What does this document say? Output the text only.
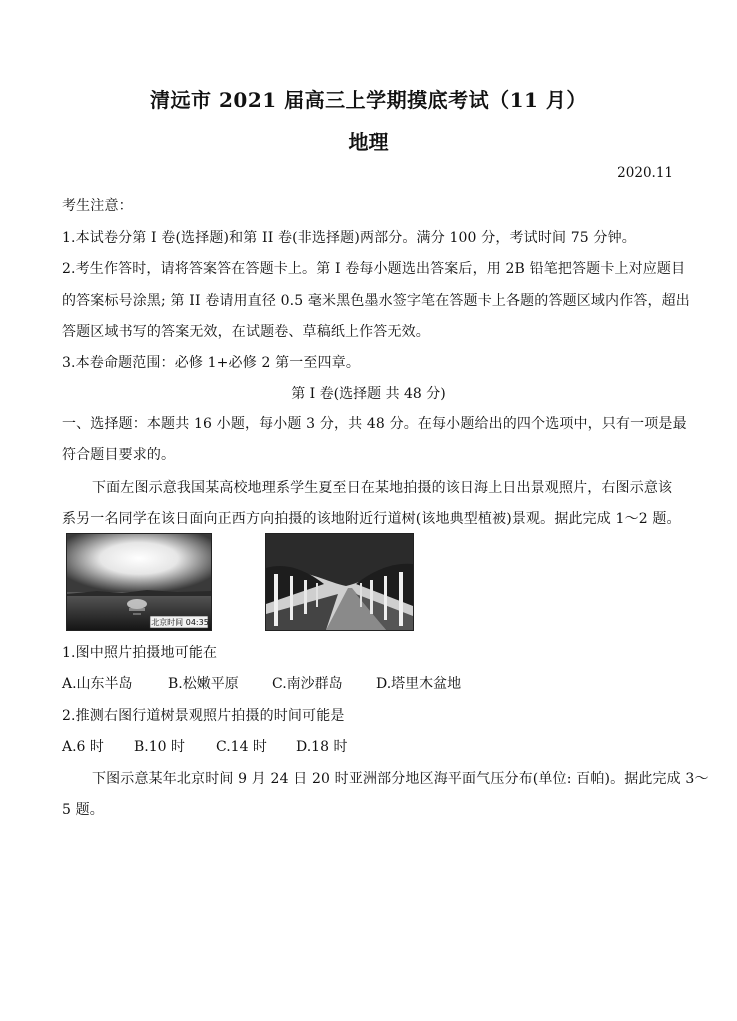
清远市 2021 届高三上学期摸底考试（11 月）
地理
2020.11
考生注意：
1.本试卷分第 I 卷(选择题)和第 II 卷(非选择题)两部分。满分 100 分，考试时间 75 分钟。
2.考生作答时，请将答案答在答题卡上。第 I 卷每小题选出答案后，用 2B 铅笔把答题卡上对应题目
的答案标号涂黑; 第 II 卷请用直径 0.5 毫米黑色墨水签字笔在答题卡上各题的答题区域内作答，超出
答题区域书写的答案无效，在试题卷、草稿纸上作答无效。
3.本卷命题范围：必修 1+必修 2 第一至四章。
第 I 卷(选择题 共 48 分)
一、选择题：本题共 16 小题，每小题 3 分，共 48 分。在每小题给出的四个选项中，只有一项是最
符合题目要求的。
下面左图示意我国某高校地理系学生夏至日在某地拍摄的该日海上日出景观照片，右图示意该
系另一名同学在该日面向正西方向拍摄的该地附近行道树(该地典型植被)景观。据此完成 1～2 题。
北京时间 04:35
1.图中照片拍摄地可能在
A.山东半岛	B.松嫩平原 C.南沙群岛 D.塔里木盆地
2.推测右图行道树景观照片拍摄的时间可能是
A.6 时 B.10 时 C.14 时 D.18 时
下图示意某年北京时间 9 月 24 日 20 时亚洲部分地区海平面气压分布(单位: 百帕)。据此完成 3～
5 题。
